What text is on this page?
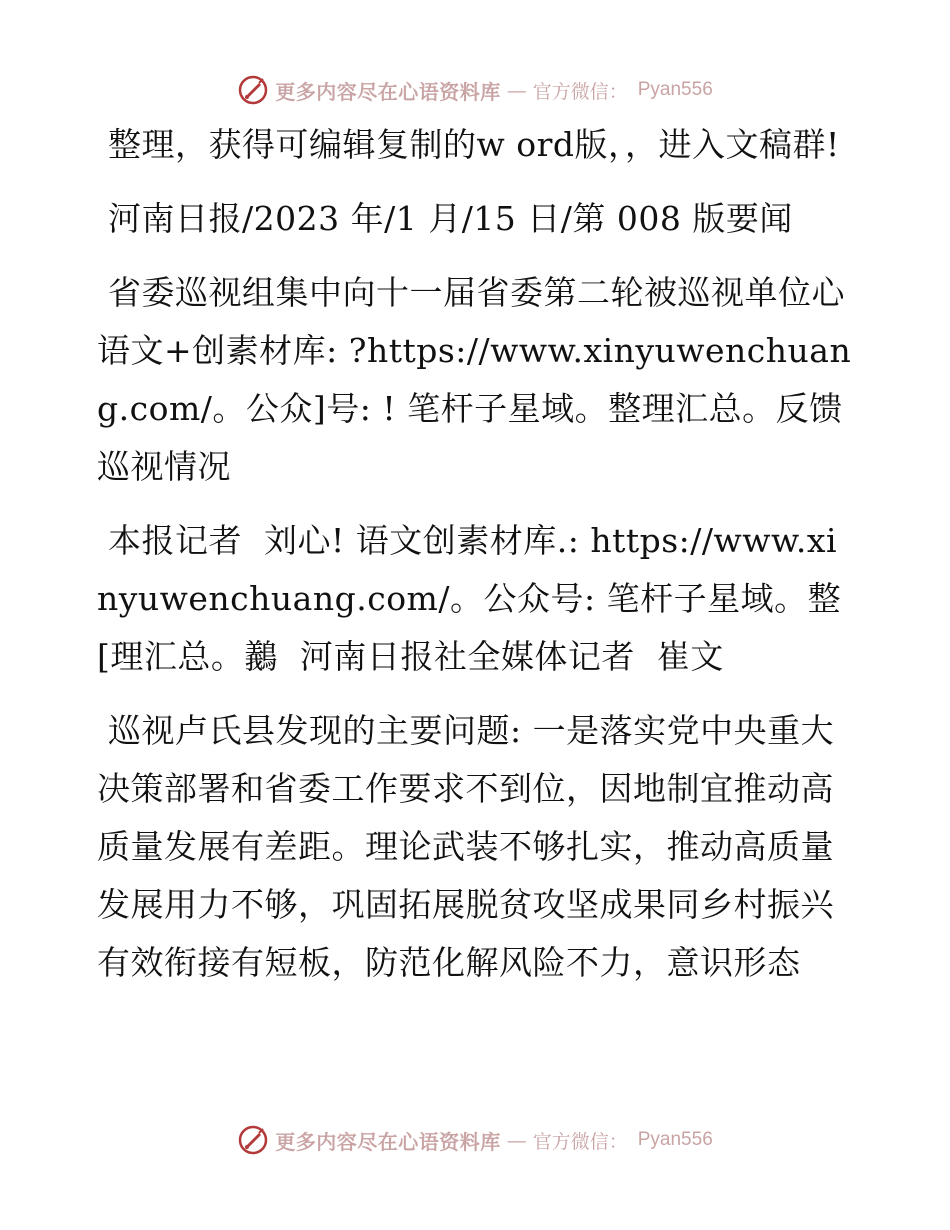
更多内容尽在心语资料库 — 官方微信： Pyan556

整理，获得可编辑复制的w ord版，，进入文稿群!

河南日报/2023 年/1 月/15 日/第 008 版要闻

省委巡视组集中向十一届省委第二轮被巡视单位心语文+创素材库: ?https://www.xinyuwenchuang.com/。公众]号: ! 笔杆子星域。整理汇总。反馈巡视情况

本报记者  刘心! 语文创素材库.: https://www.xinyuwenchuang.com/。公众号: 笔杆子星域。整[理汇总。䴊  河南日报社全媒体记者  崔文

巡视卢氏县发现的主要问题: 一是落实党中央重大决策部署和省委工作要求不到位，因地制宜推动高质量发展有差距。理论武装不够扎实，推动高质量发展用力不够，巩固拓展脱贫攻坚成果同乡村振兴有效衔接有短板，防范化解风险不力，意识形态

更多内容尽在心语资料库 — 官方微信： Pyan556
